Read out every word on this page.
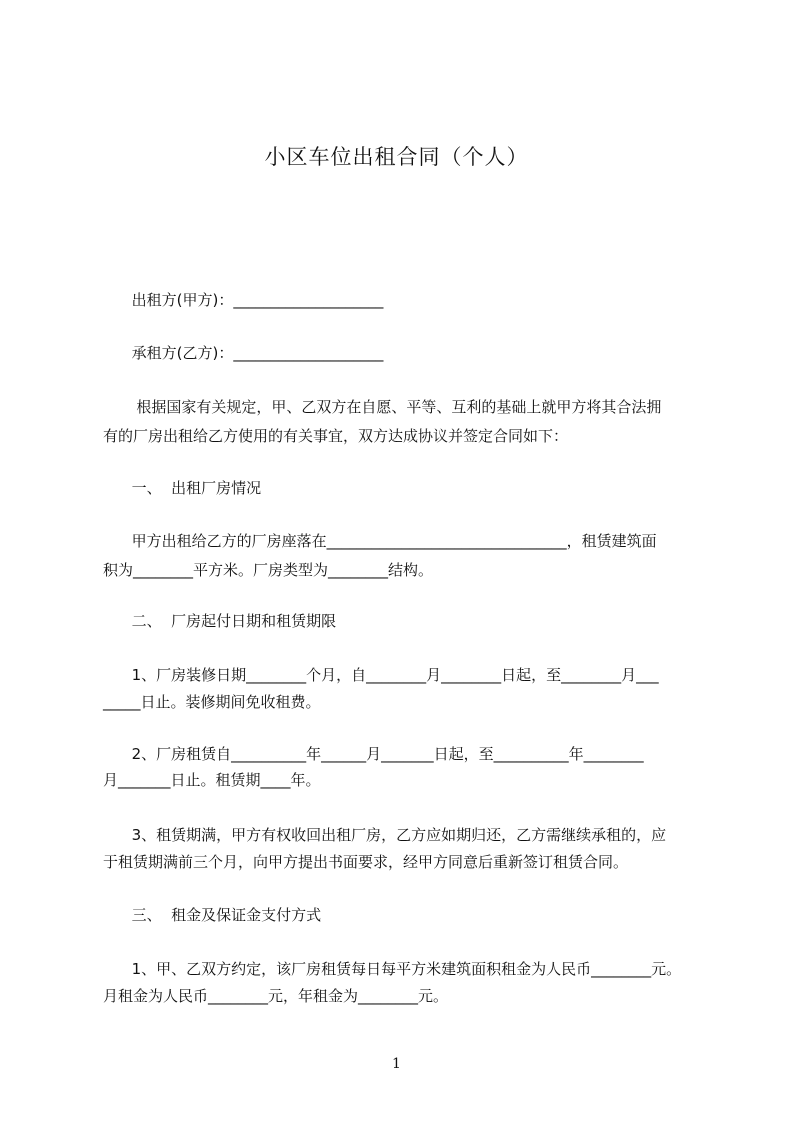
小区车位出租合同（个人）
出租方(甲方)：____________________
承租方(乙方)：____________________
根据国家有关规定，甲、乙双方在自愿、平等、互利的基础上就甲方将其合法拥
有的厂房出租给乙方使用的有关事宜，双方达成协议并签定合同如下：
一、  出租厂房情况
甲方出租给乙方的厂房座落在________________________________，租赁建筑面
积为________平方米。厂房类型为________结构。
二、  厂房起付日期和租赁期限
1、厂房装修日期________个月，自________月________日起，至________月___
_____日止。装修期间免收租费。
2、厂房租赁自__________年______月_______日起，至__________年________
月_______日止。租赁期____年。
3、租赁期满，甲方有权收回出租厂房，乙方应如期归还，乙方需继续承租的，应
于租赁期满前三个月，向甲方提出书面要求，经甲方同意后重新签订租赁合同。
三、  租金及保证金支付方式
1、甲、乙双方约定，该厂房租赁每日每平方米建筑面积租金为人民币________元。
月租金为人民币________元，年租金为________元。
1
